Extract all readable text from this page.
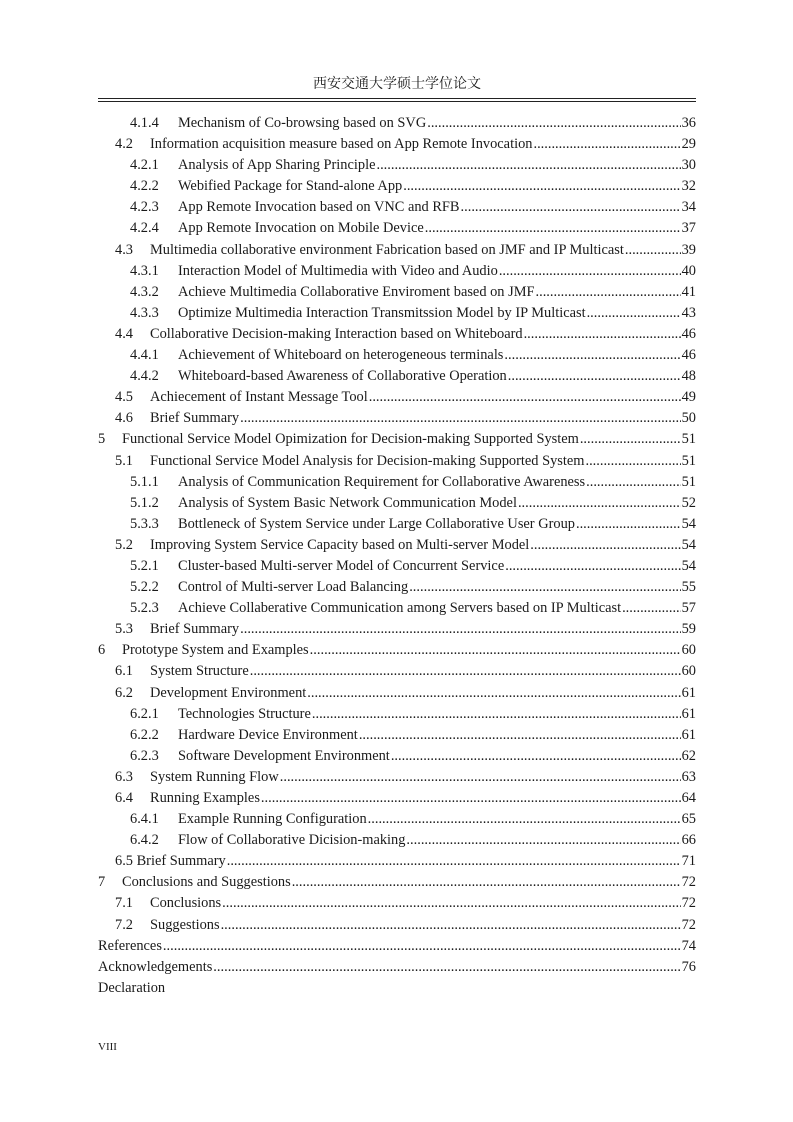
西安交通大学硕士学位论文
4.1.4	Mechanism of Co-browsing based on SVG .....	36
4.2	Information acquisition measure based on App Remote Invocation .....	29
4.2.1	Analysis of App Sharing Principle .....	30
4.2.2	Webified Package for Stand-alone App .....	32
4.2.3	App Remote Invocation based on VNC and RFB .....	34
4.2.4	App Remote Invocation on Mobile Device .....	37
4.3	Multimedia collaborative environment Fabrication based on JMF and IP Multicast .....	39
4.3.1	Interaction Model of Multimedia with Video and Audio .....	40
4.3.2	Achieve Multimedia Collaborative Enviroment based on JMF .....	41
4.3.3	Optimize Multimedia Interaction Transmitssion Model by IP Multicast .....	43
4.4	Collaborative Decision-making Interaction based on Whiteboard .....	46
4.4.1	Achievement of Whiteboard on heterogeneous terminals .....	46
4.4.2	Whiteboard-based Awareness of Collaborative Operation .....	48
4.5	Achiecement of Instant Message Tool .....	49
4.6	Brief Summary .....	50
5	Functional Service Model Opimization for Decision-making Supported System .....	51
5.1	Functional Service Model Analysis for Decision-making Supported System .....	51
5.1.1	Analysis of Communication Requirement for Collaborative Awareness .....	51
5.1.2	Analysis of System Basic Network Communication Model .....	52
5.3.3	Bottleneck of System Service under Large Collaborative User Group .....	54
5.2	Improving System Service Capacity based on Multi-server Model .....	54
5.2.1	Cluster-based Multi-server Model of Concurrent Service .....	54
5.2.2	Control of Multi-server Load Balancing .....	55
5.2.3	Achieve Collaberative Communication among Servers based on IP Multicast .....	57
5.3	Brief Summary .....	59
6	Prototype System and Examples .....	60
6.1	System Structure .....	60
6.2	Development Environment .....	61
6.2.1	Technologies Structure .....	61
6.2.2	Hardware Device Environment .....	61
6.2.3	Software Development Environment .....	62
6.3	System Running Flow .....	63
6.4	Running Examples .....	64
6.4.1	Example Running Configuration .....	65
6.4.2	Flow of Collaborative Dicision-making .....	66
6.5 Brief Summary .....	71
7	Conclusions and Suggestions .....	72
7.1	Conclusions .....	72
7.2	Suggestions .....	72
References .....	74
Acknowledgements .....	76
Declaration
VIII
